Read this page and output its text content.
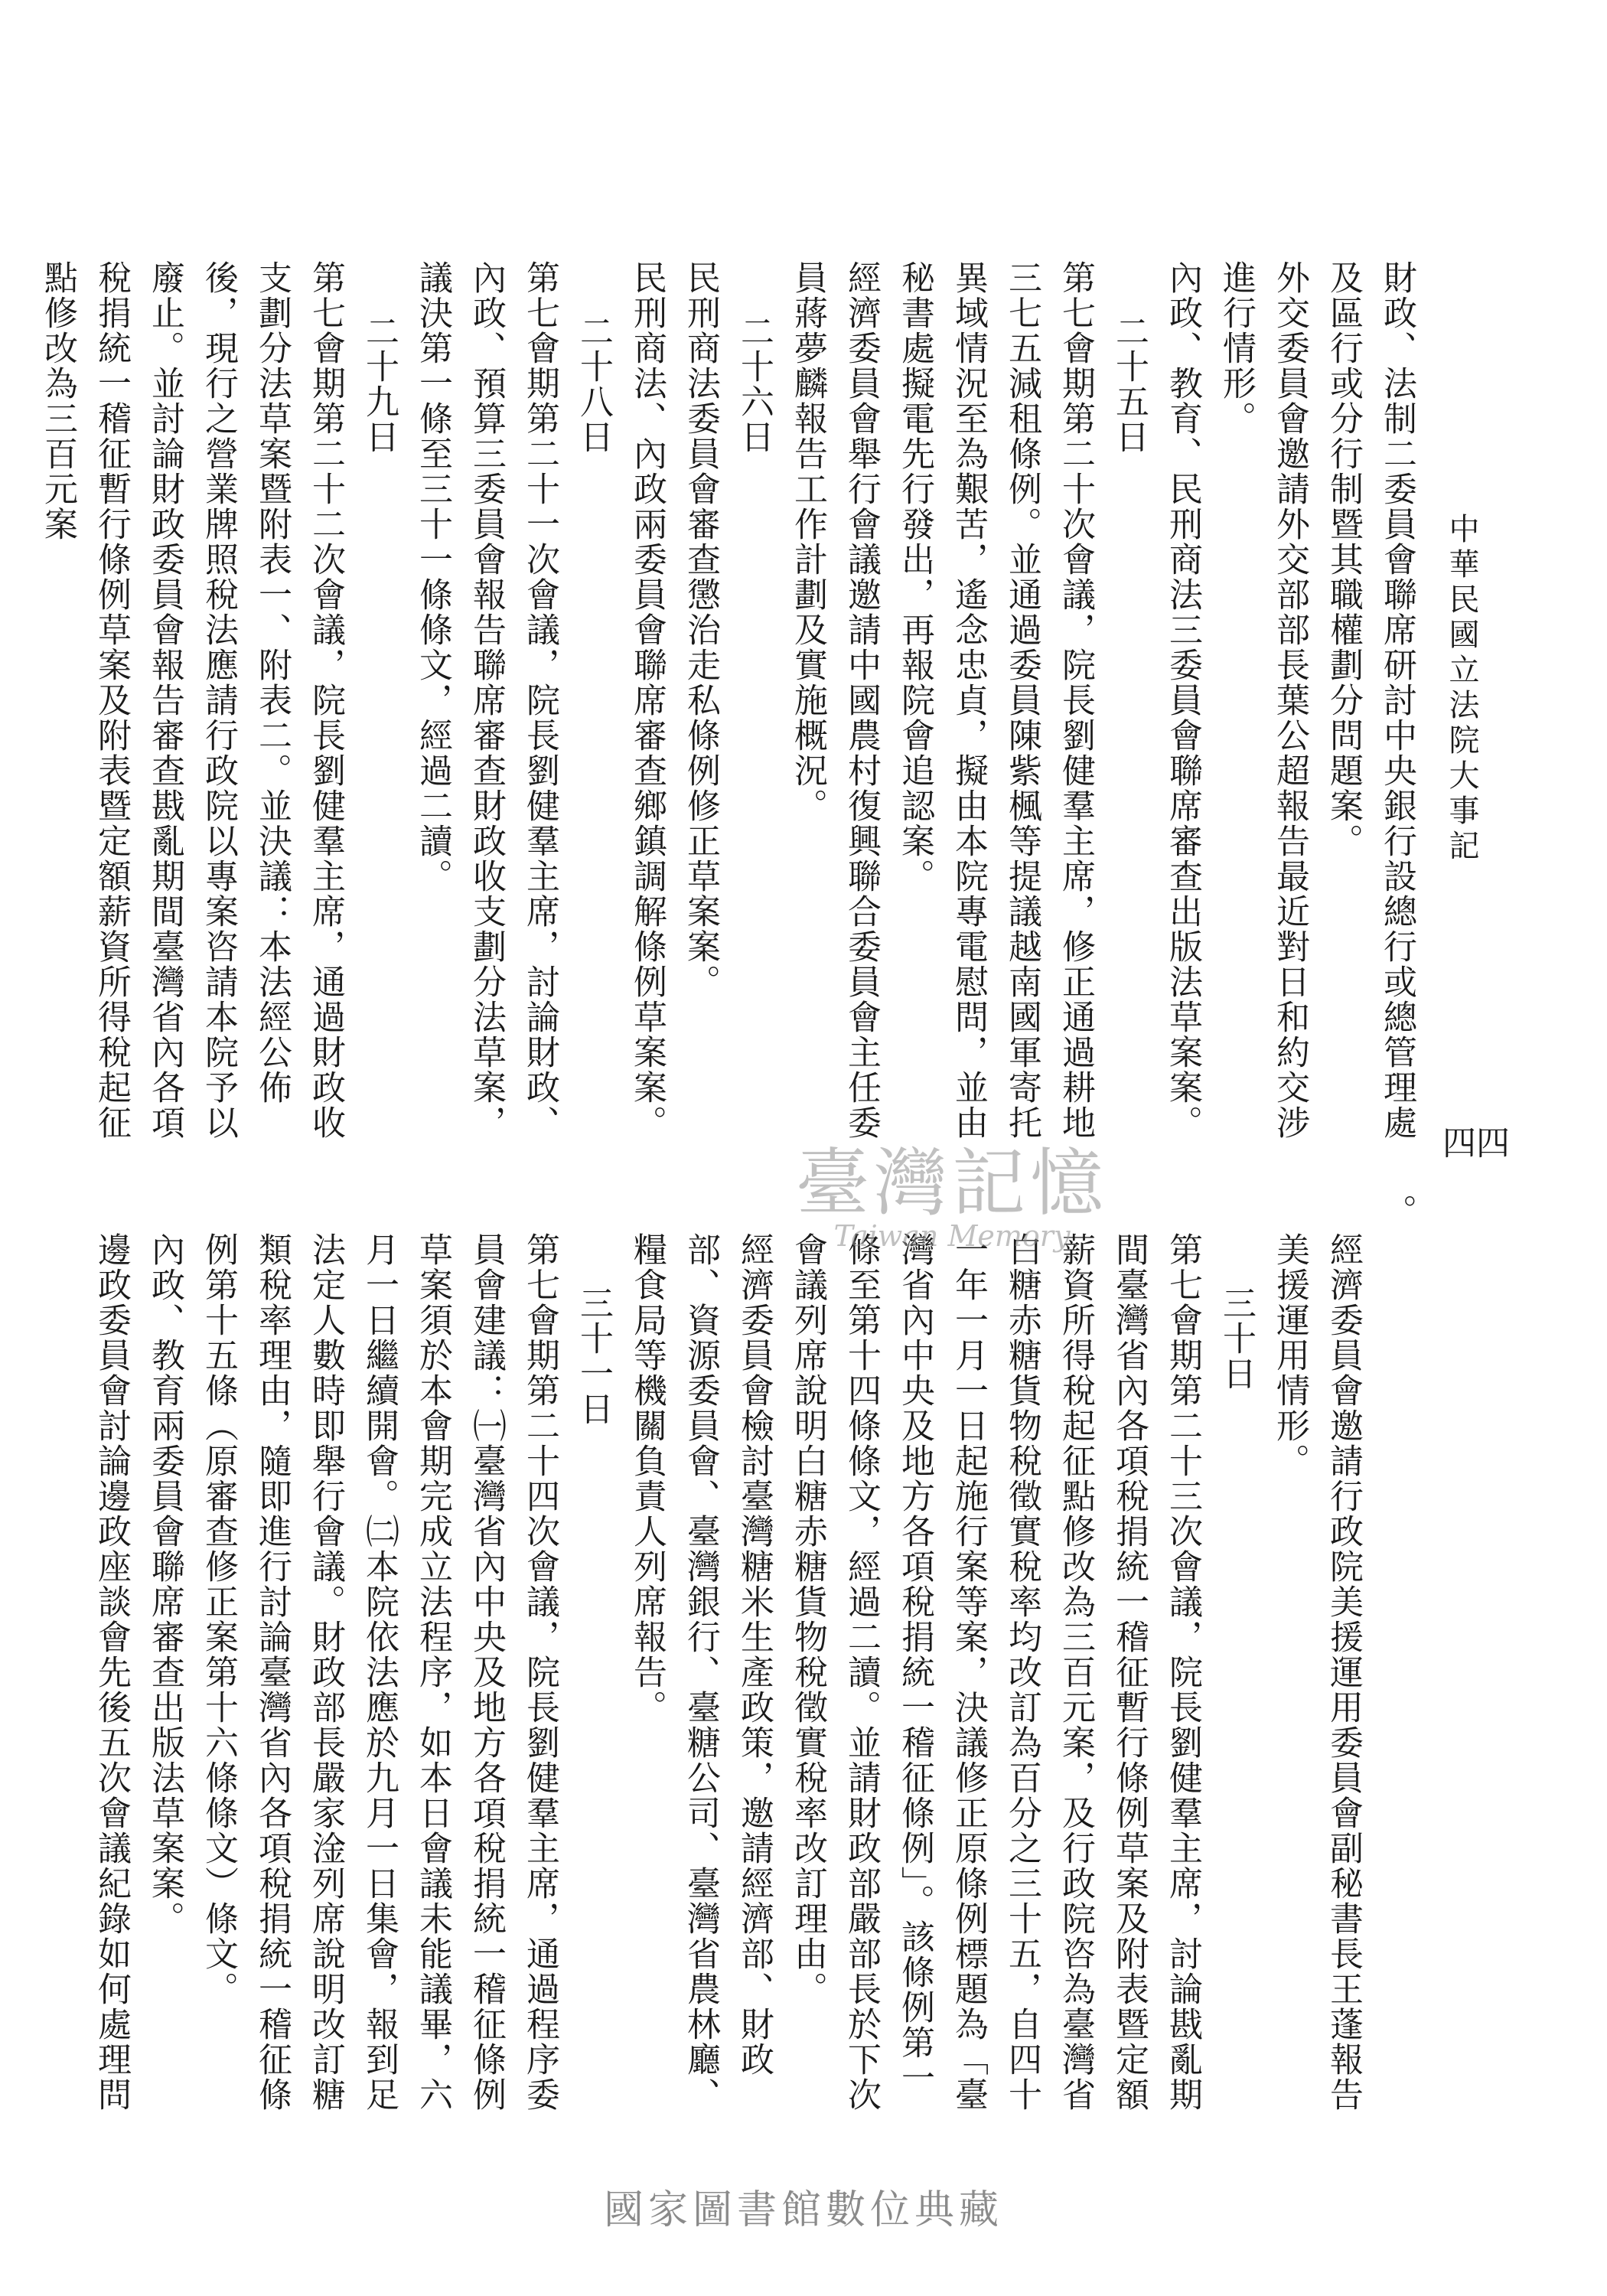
中華民國立法院大事記
四四

財政、法制二委員會聯席研討中央銀行設總行或總管理處及區行或分行制暨其職權劃分問題案。

外交委員會邀請外交部部長葉公超報告最近對日和約交涉進行情形。

內政、教育、民刑商法三委員會聯席審查出版法草案案。

二十五日

第七會期第二十次會議，院長劉健羣主席，修正通過耕地三七五減租條例。並通過委員陳紫楓等提議越南國軍寄托異域情況至為艱苦，遙念忠貞，擬由本院專電慰問，並由秘書處擬電先行發出，再報院會追認案。

經濟委員會舉行會議邀請中國農村復興聯合委員會主任委員蔣夢麟報告工作計劃及實施概況。

二十六日

民刑商法委員會審查懲治走私條例修正草案案。

民刑商法、內政兩委員會聯席審查鄉鎮調解條例草案案。

二十八日

第七會期第二十一次會議，院長劉健羣主席，討論財政、內政、預算三委員會報告聯席審查財政收支劃分法草案，議決第一條至三十一條條文，經過二讀。

二十九日

第七會期第二十二次會議，院長劉健羣主席，通過財政收支劃分法草案暨附表一、附表二。並決議：本法經公佈後，現行之營業牌照稅法應請行政院以專案咨請本院予以廢止。並討論財政委員會報告審查戡亂期間臺灣省內各項稅捐統一稽征暫行條例草案及附表暨定額薪資所得稅起征點修改為三百元案

。

經濟委員會邀請行政院美援運用委員會副秘書長王蓬報告美援運用情形。

三十日

第七會期第二十三次會議，院長劉健羣主席，討論戡亂期間臺灣省內各項稅捐統一稽征暫行條例草案及附表暨定額薪資所得稅起征點修改為三百元案，及行政院咨為臺灣省白糖赤糖貨物稅徵實稅率均改訂為百分之三十五，自四十一年一月一日起施行案等案，決議修正原條例標題為「臺灣省內中央及地方各項稅捐統一稽征條例」。該條例第一條至第十四條條文，經過二讀。並請財政部嚴部長於下次會議列席說明白糖赤糖貨物稅徵實稅率改訂理由。

經濟委員會檢討臺灣糖米生產政策，邀請經濟部、財政部、資源委員會、臺灣銀行、臺糖公司、臺灣省農林廳、糧食局等機關負責人列席報告。

三十一日

第七會期第二十四次會議，院長劉健羣主席，通過程序委員會建議：㈠臺灣省內中央及地方各項稅捐統一稽征條例草案須於本會期完成立法程序，如本日會議未能議畢，六月一日繼續開會。㈡本院依法應於九月一日集會，報到足法定人數時即舉行會議。財政部長嚴家淦列席說明改訂糖類稅率理由，隨即進行討論臺灣省內各項稅捐統一稽征條例第十五條（原審查修正案第十六條條文）條文。

內政、教育兩委員會聯席審查出版法草案案。

邊政委員會討論邊政座談會先後五次會議紀錄如何處理問

臺灣記憶
Taiwan Memory
國家圖書館數位典藏
